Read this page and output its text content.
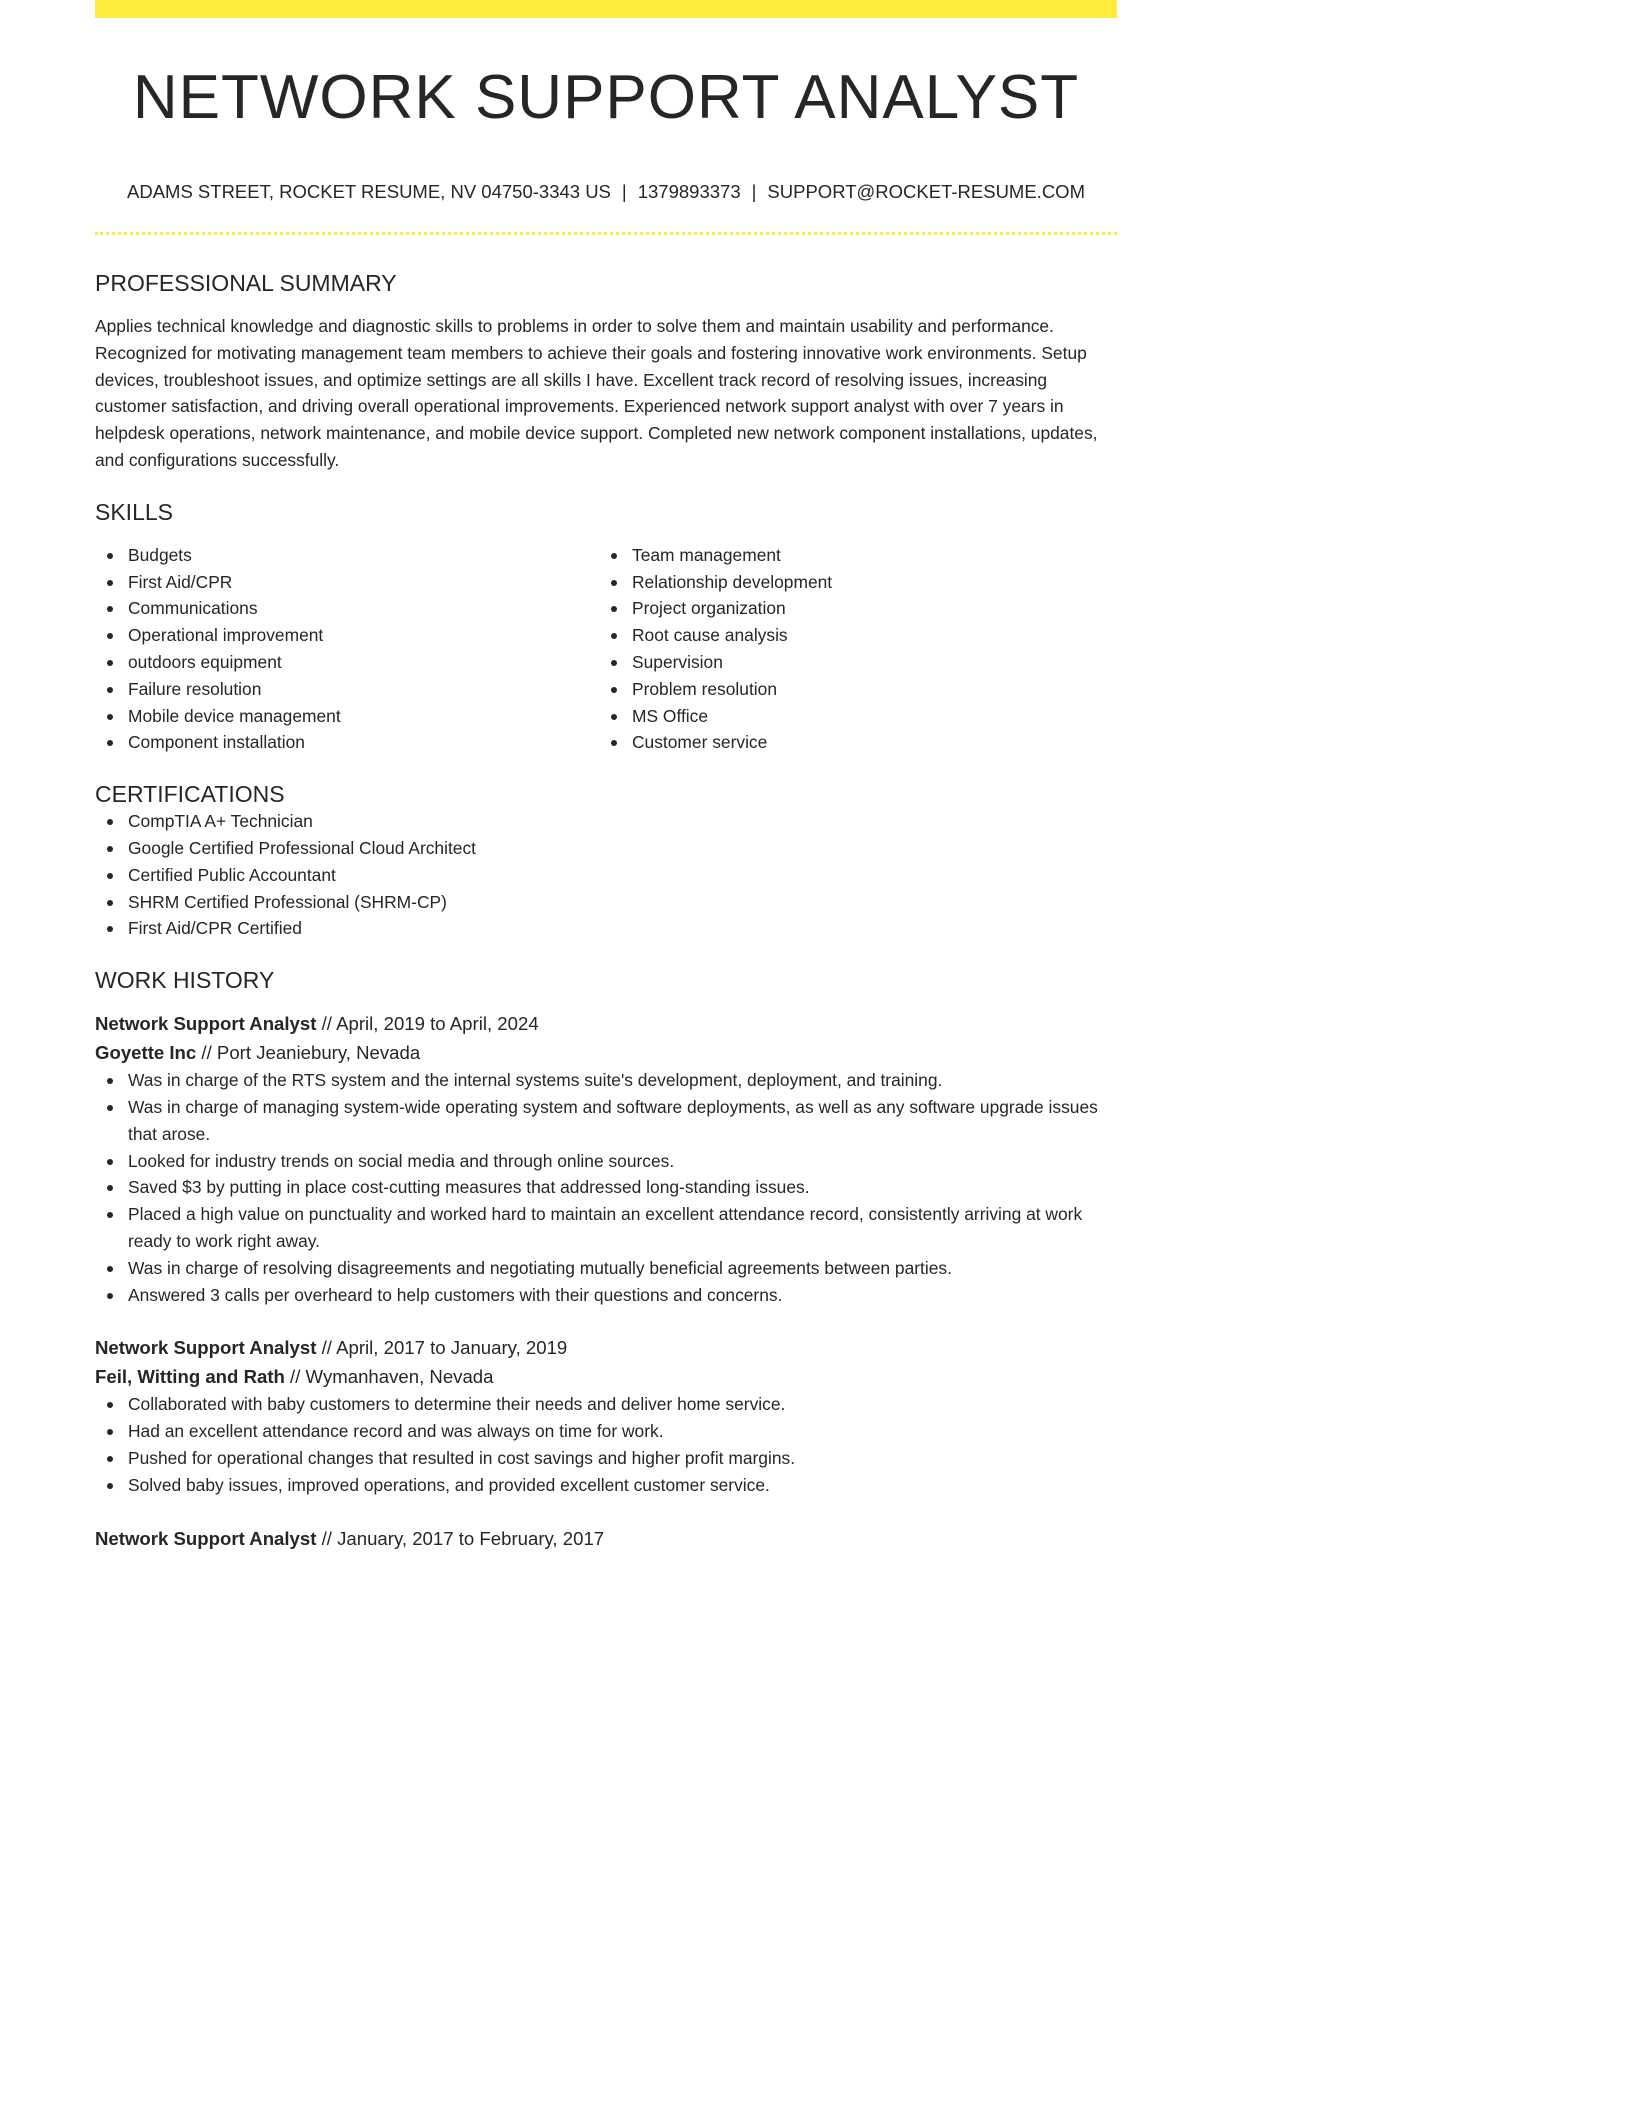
NETWORK SUPPORT ANALYST
ADAMS STREET, ROCKET RESUME, NV 04750-3343 US | 1379893373 | SUPPORT@ROCKET-RESUME.COM
PROFESSIONAL SUMMARY

Applies technical knowledge and diagnostic skills to problems in order to solve them and maintain usability and performance. Recognized for motivating management team members to achieve their goals and fostering innovative work environments. Setup devices, troubleshoot issues, and optimize settings are all skills I have. Excellent track record of resolving issues, increasing customer satisfaction, and driving overall operational improvements. Experienced network support analyst with over 7 years in helpdesk operations, network maintenance, and mobile device support. Completed new network component installations, updates, and configurations successfully.

SKILLS
Budgets
First Aid/CPR
Communications
Operational improvement
outdoors equipment
Failure resolution
Mobile device management
Component installation
Team management
Relationship development
Project organization
Root cause analysis
Supervision
Problem resolution
MS Office
Customer service
CERTIFICATIONS
CompTIA A+ Technician
Google Certified Professional Cloud Architect
Certified Public Accountant
SHRM Certified Professional (SHRM-CP)
First Aid/CPR Certified
WORK HISTORY
Network Support Analyst // April, 2019 to April, 2024
Goyette Inc // Port Jeaniebury, Nevada
Was in charge of the RTS system and the internal systems suite's development, deployment, and training.
Was in charge of managing system-wide operating system and software deployments, as well as any software upgrade issues that arose.
Looked for industry trends on social media and through online sources.
Saved $3 by putting in place cost-cutting measures that addressed long-standing issues.
Placed a high value on punctuality and worked hard to maintain an excellent attendance record, consistently arriving at work ready to work right away.
Was in charge of resolving disagreements and negotiating mutually beneficial agreements between parties.
Answered 3 calls per overheard to help customers with their questions and concerns.
Network Support Analyst // April, 2017 to January, 2019
Feil, Witting and Rath // Wymanhaven, Nevada
Collaborated with baby customers to determine their needs and deliver home service.
Had an excellent attendance record and was always on time for work.
Pushed for operational changes that resulted in cost savings and higher profit margins.
Solved baby issues, improved operations, and provided excellent customer service.
Network Support Analyst // January, 2017 to February, 2017
